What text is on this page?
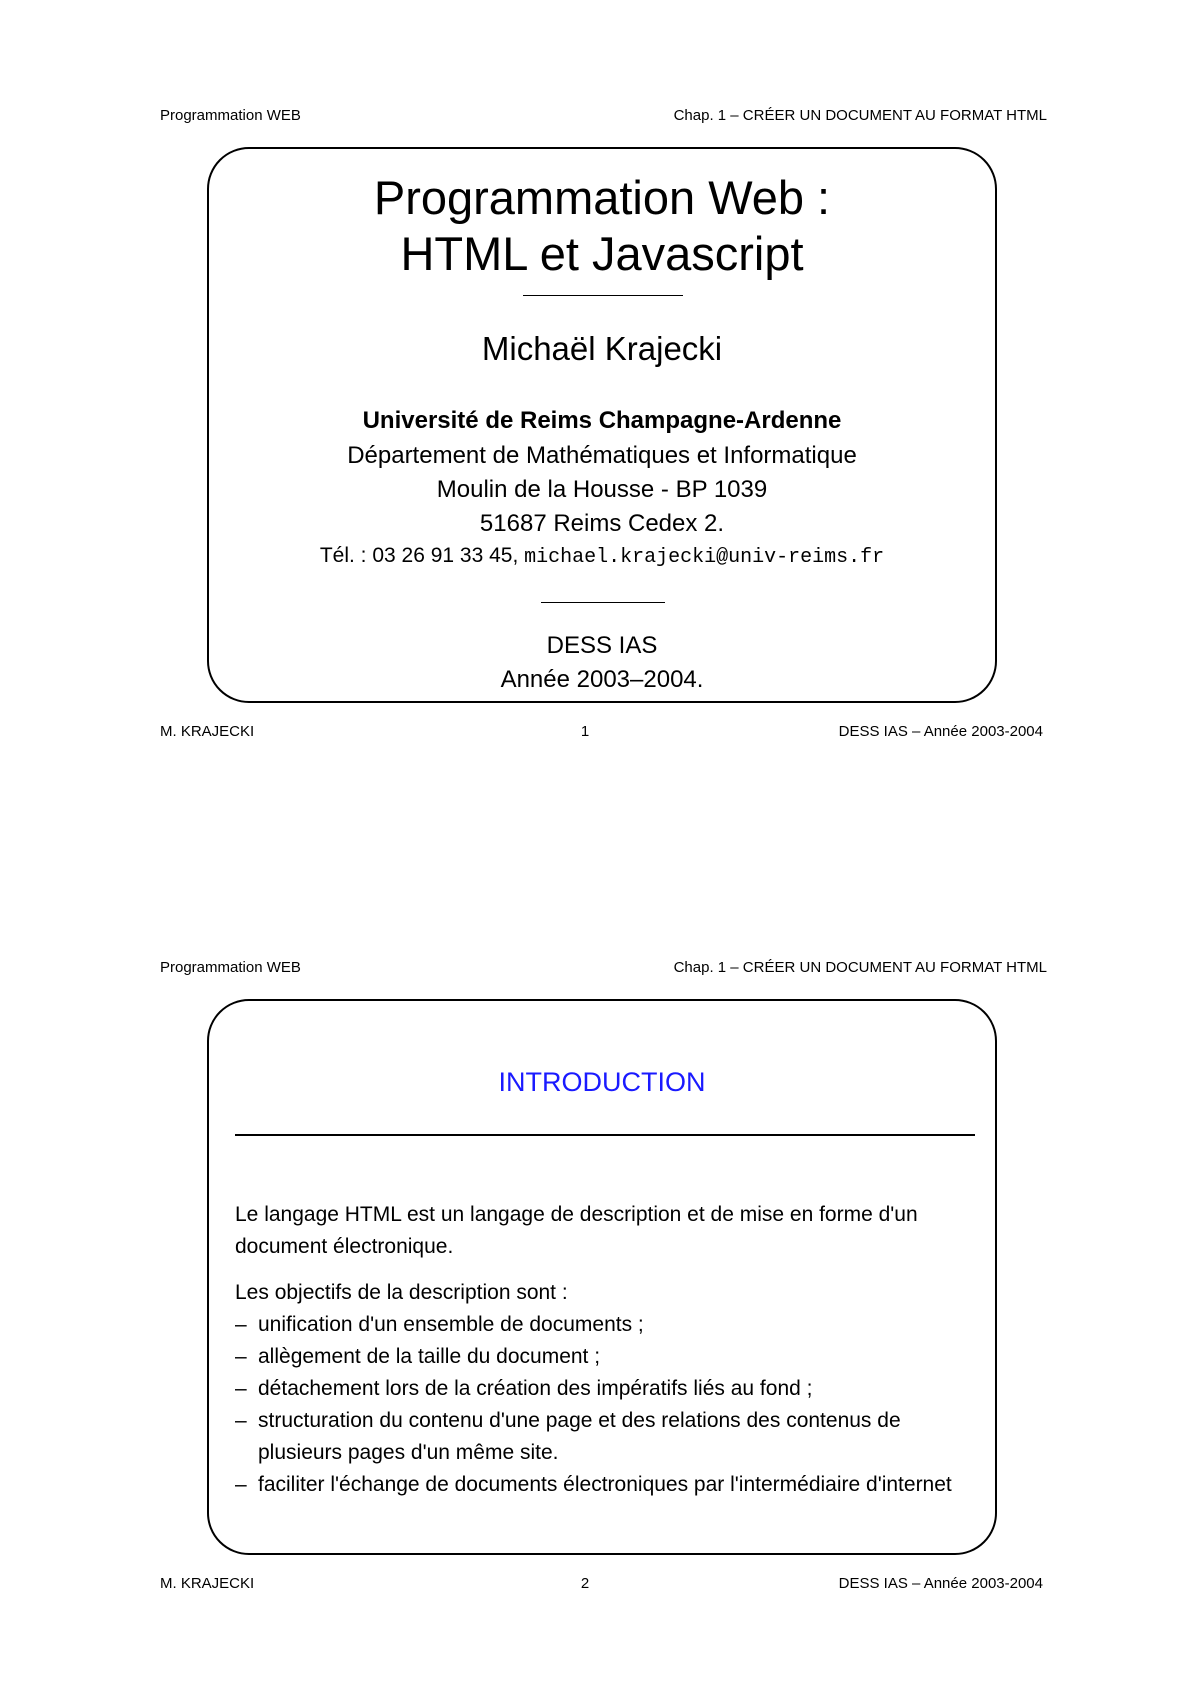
Programmation WEB	Chap. 1 – CRÉER UN DOCUMENT AU FORMAT HTML
Programmation Web :
HTML et Javascript
Michaël Krajecki
Université de Reims Champagne-Ardenne
Département de Mathématiques et Informatique
Moulin de la Housse - BP 1039
51687 Reims Cedex 2.
Tél. : 03 26 91 33 45, michael.krajecki@univ-reims.fr
DESS IAS
Année 2003–2004.
M. KRAJECKI	1	DESS IAS – Année 2003-2004
Programmation WEB	Chap. 1 – CRÉER UN DOCUMENT AU FORMAT HTML
INTRODUCTION
Le langage HTML est un langage de description et de mise en forme d'un document électronique.
Les objectifs de la description sont :
– unification d'un ensemble de documents ;
– allègement de la taille du document ;
– détachement lors de la création des impératifs liés au fond ;
– structuration du contenu d'une page et des relations des contenus de plusieurs pages d'un même site.
– faciliter l'échange de documents électroniques par l'intermédiaire d'internet
M. KRAJECKI	2	DESS IAS – Année 2003-2004
